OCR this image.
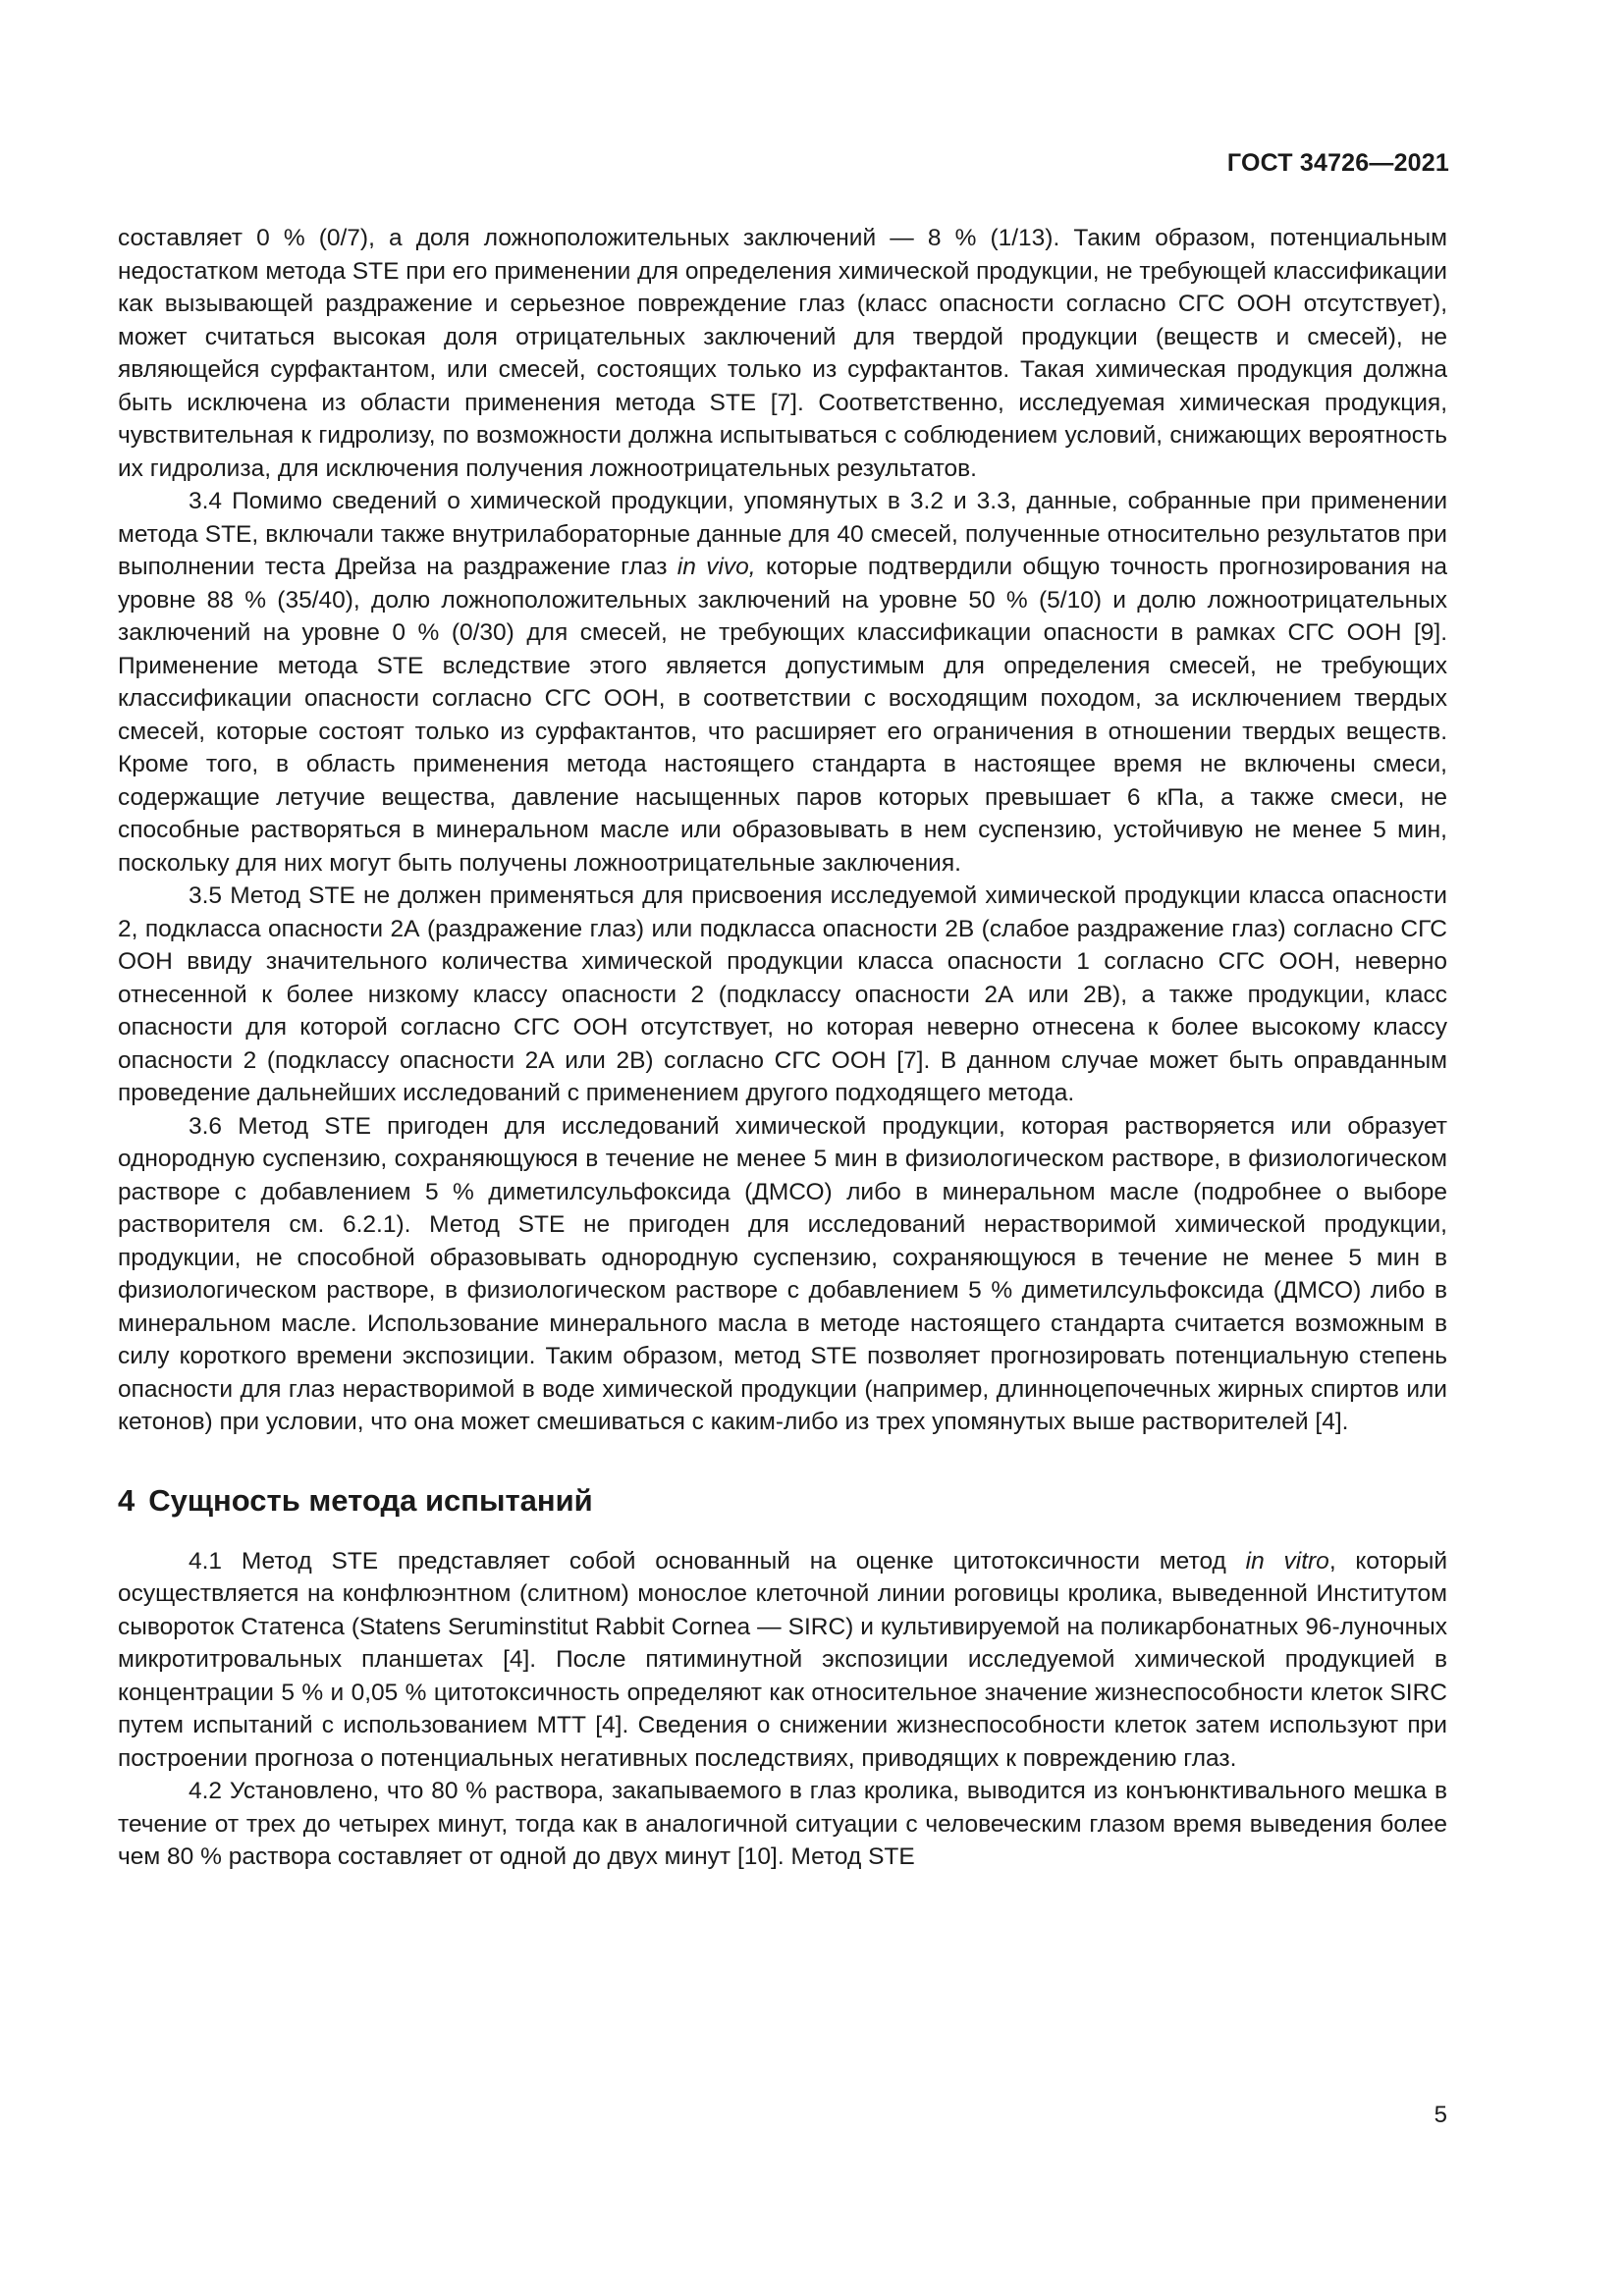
ГОСТ 34726—2021

составляет 0 % (0/7), а доля ложноположительных заключений — 8 % (1/13). Таким образом, потенциальным недостатком метода STE при его применении для определения химической продукции, не требующей классификации как вызывающей раздражение и серьезное повреждение глаз (класс опасности согласно СГС ООН отсутствует), может считаться высокая доля отрицательных заключений для твердой продукции (веществ и смесей), не являющейся сурфактантом, или смесей, состоящих только из сурфактантов. Такая химическая продукция должна быть исключена из области применения метода STE [7]. Соответственно, исследуемая химическая продукция, чувствительная к гидролизу, по возможности должна испытываться с соблюдением условий, снижающих вероятность их гидролиза, для исключения получения ложноотрицательных результатов.

3.4 Помимо сведений о химической продукции, упомянутых в 3.2 и 3.3, данные, собранные при применении метода STE, включали также внутрилабораторные данные для 40 смесей, полученные относительно результатов при выполнении теста Дрейза на раздражение глаз in vivo, которые подтвердили общую точность прогнозирования на уровне 88 % (35/40), долю ложноположительных заключений на уровне 50 % (5/10) и долю ложноотрицательных заключений на уровне 0 % (0/30) для смесей, не требующих классификации опасности в рамках СГС ООН [9]. Применение метода STE вследствие этого является допустимым для определения смесей, не требующих классификации опасности согласно СГС ООН, в соответствии с восходящим походом, за исключением твердых смесей, которые состоят только из сурфактантов, что расширяет его ограничения в отношении твердых веществ. Кроме того, в область применения метода настоящего стандарта в настоящее время не включены смеси, содержащие летучие вещества, давление насыщенных паров которых превышает 6 кПа, а также смеси, не способные растворяться в минеральном масле или образовывать в нем суспензию, устойчивую не менее 5 мин, поскольку для них могут быть получены ложноотрицательные заключения.

3.5 Метод STE не должен применяться для присвоения исследуемой химической продукции класса опасности 2, подкласса опасности 2А (раздражение глаз) или подкласса опасности 2В (слабое раздражение глаз) согласно СГС ООН ввиду значительного количества химической продукции класса опасности 1 согласно СГС ООН, неверно отнесенной к более низкому классу опасности 2 (подклассу опасности 2А или 2В), а также продукции, класс опасности для которой согласно СГС ООН отсутствует, но которая неверно отнесена к более высокому классу опасности 2 (подклассу опасности 2А или 2В) согласно СГС ООН [7]. В данном случае может быть оправданным проведение дальнейших исследований с применением другого подходящего метода.

3.6 Метод STE пригоден для исследований химической продукции, которая растворяется или образует однородную суспензию, сохраняющуюся в течение не менее 5 мин в физиологическом растворе, в физиологическом растворе с добавлением 5 % диметилсульфоксида (ДМСО) либо в минеральном масле (подробнее о выборе растворителя см. 6.2.1). Метод STE не пригоден для исследований нерастворимой химической продукции, продукции, не способной образовывать однородную суспензию, сохраняющуюся в течение не менее 5 мин в физиологическом растворе, в физиологическом растворе с добавлением 5 % диметилсульфоксида (ДМСО) либо в минеральном масле. Использование минерального масла в методе настоящего стандарта считается возможным в силу короткого времени экспозиции. Таким образом, метод STE позволяет прогнозировать потенциальную степень опасности для глаз нерастворимой в воде химической продукции (например, длинноцепочечных жирных спиртов или кетонов) при условии, что она может смешиваться с каким-либо из трех упомянутых выше растворителей [4].

4 Сущность метода испытаний

4.1 Метод STE представляет собой основанный на оценке цитотоксичности метод in vitro, который осуществляется на конфлюэнтном (слитном) монослое клеточной линии роговицы кролика, выведенной Институтом сывороток Статенса (Statens Seruminstitut Rabbit Cornea — SIRC) и культивируемой на поликарбонатных 96-луночных микротитровальных планшетах [4]. После пятиминутной экспозиции исследуемой химической продукцией в концентрации 5 % и 0,05 % цитотоксичность определяют как относительное значение жизнеспособности клеток SIRC путем испытаний с использованием МТТ [4]. Сведения о снижении жизнеспособности клеток затем используют при построении прогноза о потенциальных негативных последствиях, приводящих к повреждению глаз.

4.2 Установлено, что 80 % раствора, закапываемого в глаз кролика, выводится из конъюнктивального мешка в течение от трех до четырех минут, тогда как в аналогичной ситуации с человеческим глазом время выведения более чем 80 % раствора составляет от одной до двух минут [10]. Метод STE

5
